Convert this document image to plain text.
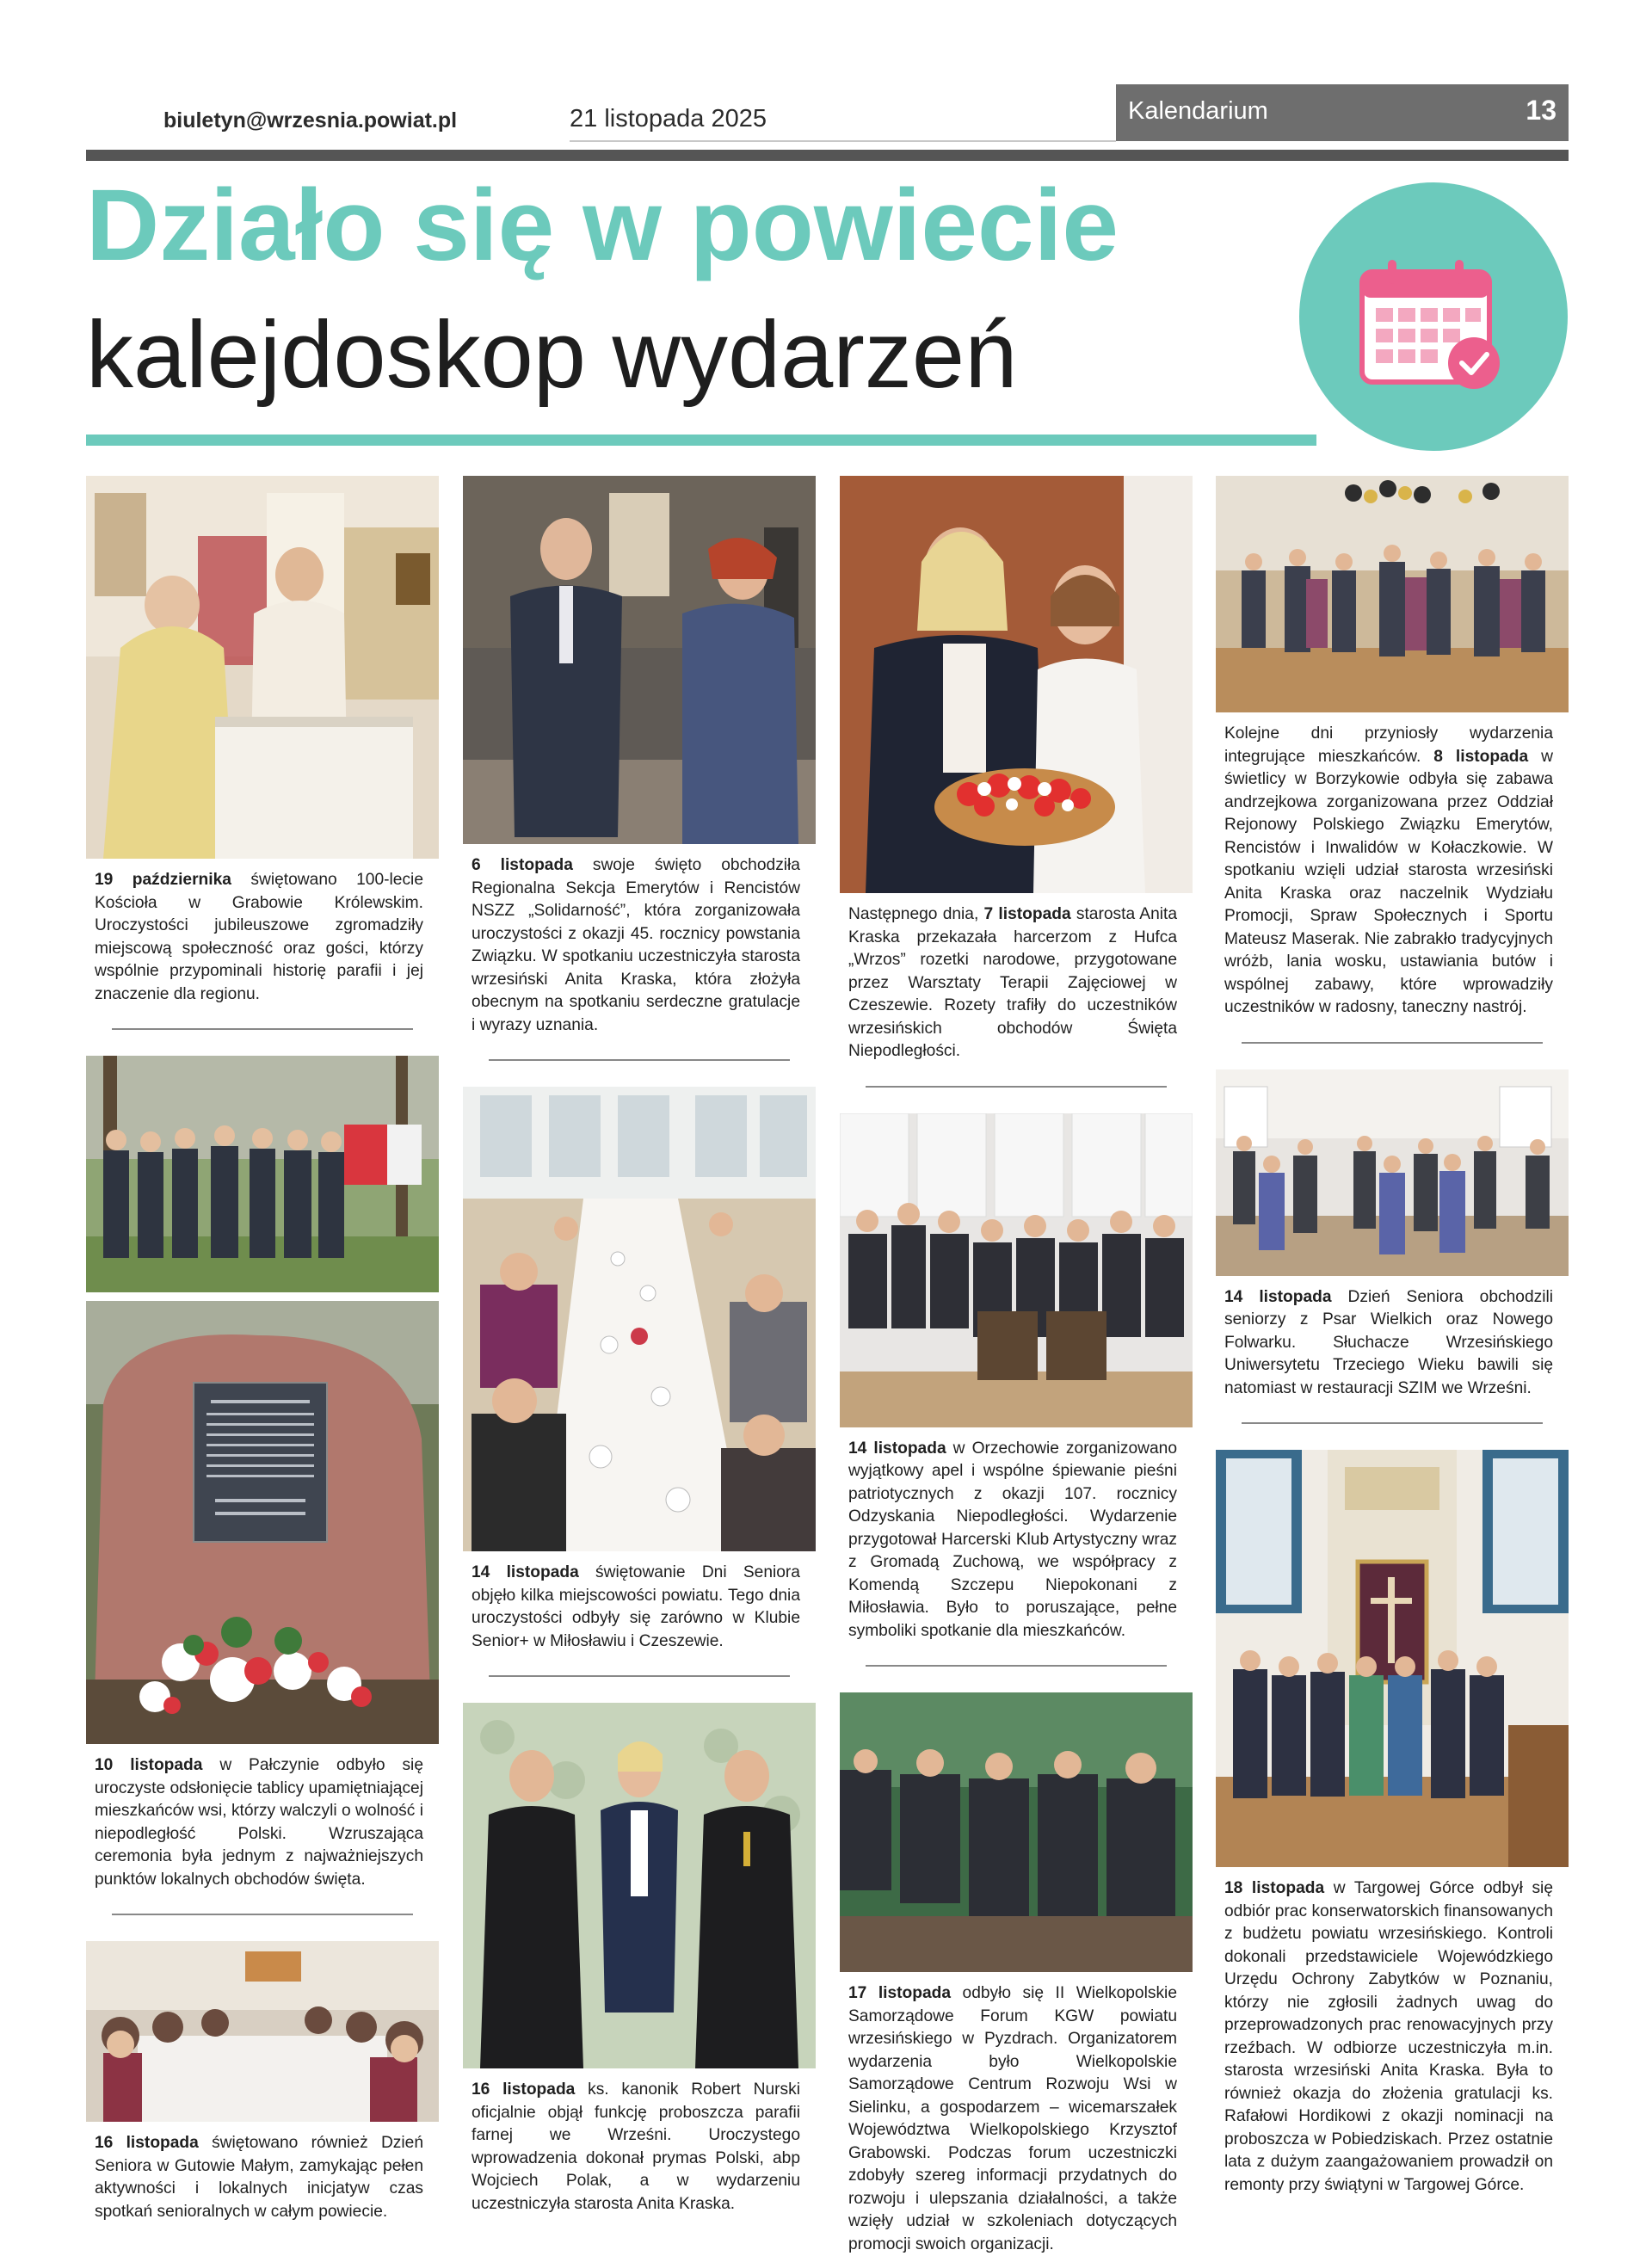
biuletyn@wrzesnia.powiat.pl	21 listopada 2025	Kalendarium	13
Działo się w powiecie
kalejdoskop wydarzeń
19 października świętowano 100-lecie Kościoła w Grabowie Królewskim. Uroczystości jubileuszowe zgromadziły miejscową społeczność oraz gości, którzy wspólnie przypominali historię parafii i jej znaczenie dla regionu.
10 listopada w Pałczynie odbyło się uroczyste odsłonięcie tablicy upamiętniającej mieszkańców wsi, którzy walczyli o wolność i niepodległość Polski. Wzruszająca ceremonia była jednym z najważniejszych punktów lokalnych obchodów święta.
16 listopada świętowano również Dzień Seniora w Gutowie Małym, zamykając pełen aktywności i lokalnych inicjatyw czas spotkań senioralnych w całym powiecie.
6 listopada swoje święto obchodziła Regionalna Sekcja Emerytów i Rencistów NSZZ „Solidarność”, która zorganizowała uroczystości z okazji 45. rocznicy powstania Związku. W spotkaniu uczestniczyła starosta wrzesiński Anita Kraska, która złożyła obecnym na spotkaniu serdeczne gratulacje i wyrazy uznania.
14 listopada świętowanie Dni Seniora objęło kilka miejscowości powiatu. Tego dnia uroczystości odbyły się zarówno w Klubie Senior+ w Miłosławiu i Czeszewie.
16 listopada ks. kanonik Robert Nurski oficjalnie objął funkcję proboszcza parafii farnej we Wrześni. Uroczystego wprowadzenia dokonał prymas Polski, abp Wojciech Polak, a w wydarzeniu uczestniczyła starosta Anita Kraska.
Następnego dnia, 7 listopada starosta Anita Kraska przekazała harcerzom z Hufca „Wrzos” rozetki narodowe, przygotowane przez Warsztaty Terapii Zajęciowej w Czeszewie. Rozety trafiły do uczestników wrzesińskich obchodów Święta Niepodległości.
14 listopada w Orzechowie zorganizowano wyjątkowy apel i wspólne śpiewanie pieśni patriotycznych z okazji 107. rocznicy Odzyskania Niepodległości. Wydarzenie przygotował Harcerski Klub Artystyczny wraz z Gromadą Zuchową, we współpracy z Komendą Szczepu Niepokonani z Miłosławia. Było to poruszające, pełne symboliki spotkanie dla mieszkańców.
17 listopada odbyło się II Wielkopolskie Samorządowe Forum KGW powiatu wrzesińskiego w Pyzdrach. Organizatorem wydarzenia było Wielkopolskie Samorządowe Centrum Rozwoju Wsi w Sielinku, a gospodarzem – wicemarszałek Województwa Wielkopolskiego Krzysztof Grabowski. Podczas forum uczestniczki zdobyły szereg informacji przydatnych do rozwoju i ulepszania działalności, a także wzięły udział w szkoleniach dotyczących promocji swoich organizacji.
Kolejne dni przyniosły wydarzenia integrujące mieszkańców. 8 listopada w świetlicy w Borzykowie odbyła się zabawa andrzejkowa zorganizowana przez Oddział Rejonowy Polskiego Związku Emerytów, Rencistów i Inwalidów w Kołaczkowie. W spotkaniu wzięli udział starosta wrzesiński Anita Kraska oraz naczelnik Wydziału Promocji, Spraw Społecznych i Sportu Mateusz Maserak. Nie zabrakło tradycyjnych wróżb, lania wosku, ustawiania butów i wspólnej zabawy, które wprowadziły uczestników w radosny, taneczny nastrój.
14 listopada Dzień Seniora obchodzili seniorzy z Psar Wielkich oraz Nowego Folwarku. Słuchacze Wrzesińskiego Uniwersytetu Trzeciego Wieku bawili się natomiast w restauracji SZIM we Wrześni.
18 listopada w Targowej Górce odbył się odbiór prac konserwatorskich finansowanych z budżetu powiatu wrzesińskiego. Kontroli dokonali przedstawiciele Wojewódzkiego Urzędu Ochrony Zabytków w Poznaniu, którzy nie zgłosili żadnych uwag do przeprowadzonych prac renowacyjnych przy rzeźbach. W odbiorze uczestniczyła m.in. starosta wrzesiński Anita Kraska. Była to również okazja do złożenia gratulacji ks. Rafałowi Hordikowi z okazji nominacji na proboszcza w Pobiedziskach. Przez ostatnie lata z dużym zaangażowaniem prowadził on remonty przy świątyni w Targowej Górce.
